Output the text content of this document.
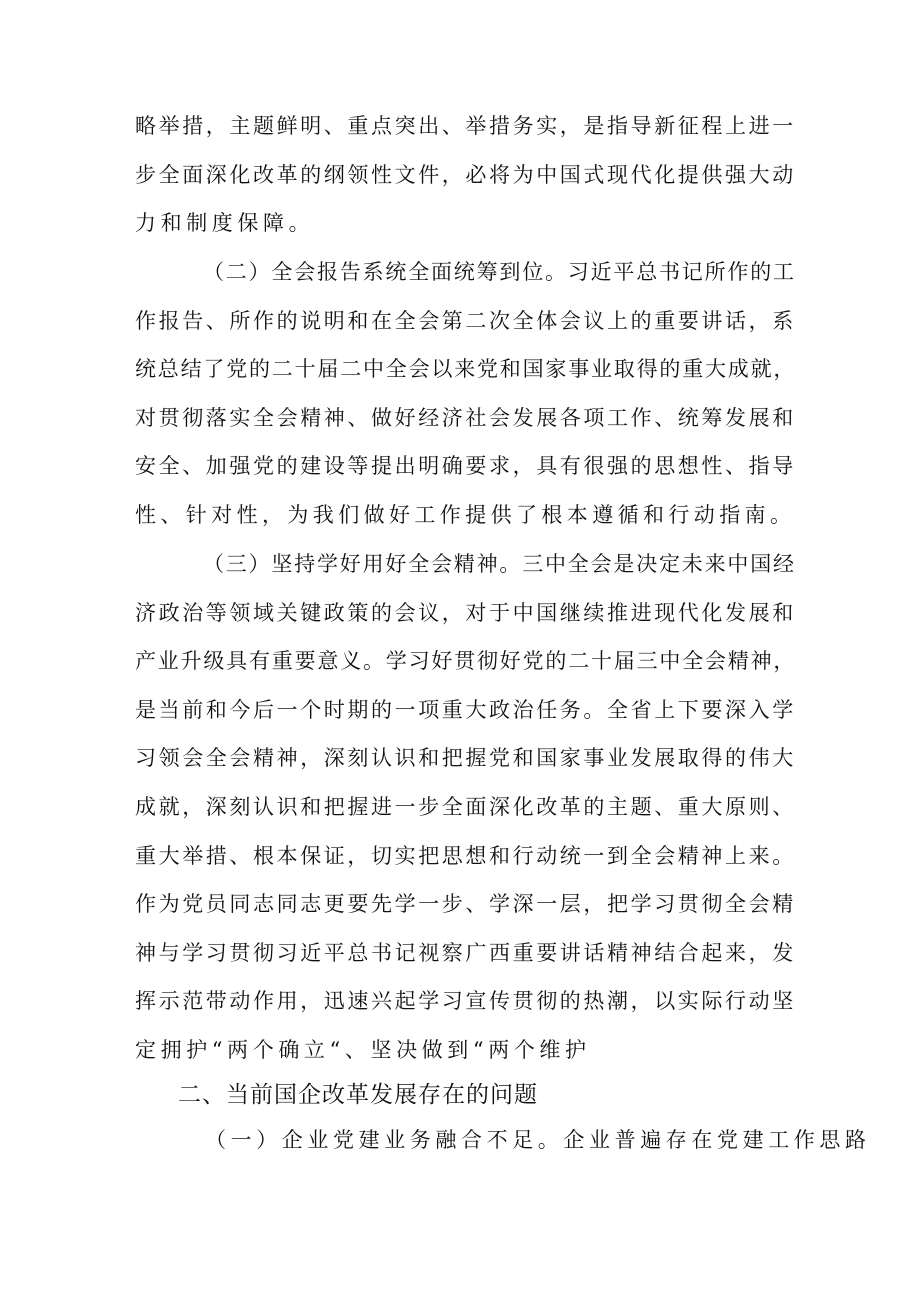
略举措，主题鲜明、重点突出、举措务实，是指导新征程上进一
步全面深化改革的纲领性文件，必将为中国式现代化提供强大动
力和制度保障。
（二）全会报告系统全面统筹到位。习近平总书记所作的工
作报告、所作的说明和在全会第二次全体会议上的重要讲话，系
统总结了党的二十届二中全会以来党和国家事业取得的重大成就，
对贯彻落实全会精神、做好经济社会发展各项工作、统筹发展和
安全、加强党的建设等提出明确要求，具有很强的思想性、指导
性、针对性，为我们做好工作提供了根本遵循和行动指南。
（三）坚持学好用好全会精神。三中全会是决定未来中国经
济政治等领域关键政策的会议，对于中国继续推进现代化发展和
产业升级具有重要意义。学习好贯彻好党的二十届三中全会精神，
是当前和今后一个时期的一项重大政治任务。全省上下要深入学
习领会全会精神，深刻认识和把握党和国家事业发展取得的伟大
成就，深刻认识和把握进一步全面深化改革的主题、重大原则、
重大举措、根本保证，切实把思想和行动统一到全会精神上来。
作为党员同志同志更要先学一步、学深一层，把学习贯彻全会精
神与学习贯彻习近平总书记视察广西重要讲话精神结合起来，发
挥示范带动作用，迅速兴起学习宣传贯彻的热潮，以实际行动坚
定拥护“两个确立“、坚决做到“两个维护
二、当前国企改革发展存在的问题
（一）企业党建业务融合不足。企业普遍存在党建工作思路
